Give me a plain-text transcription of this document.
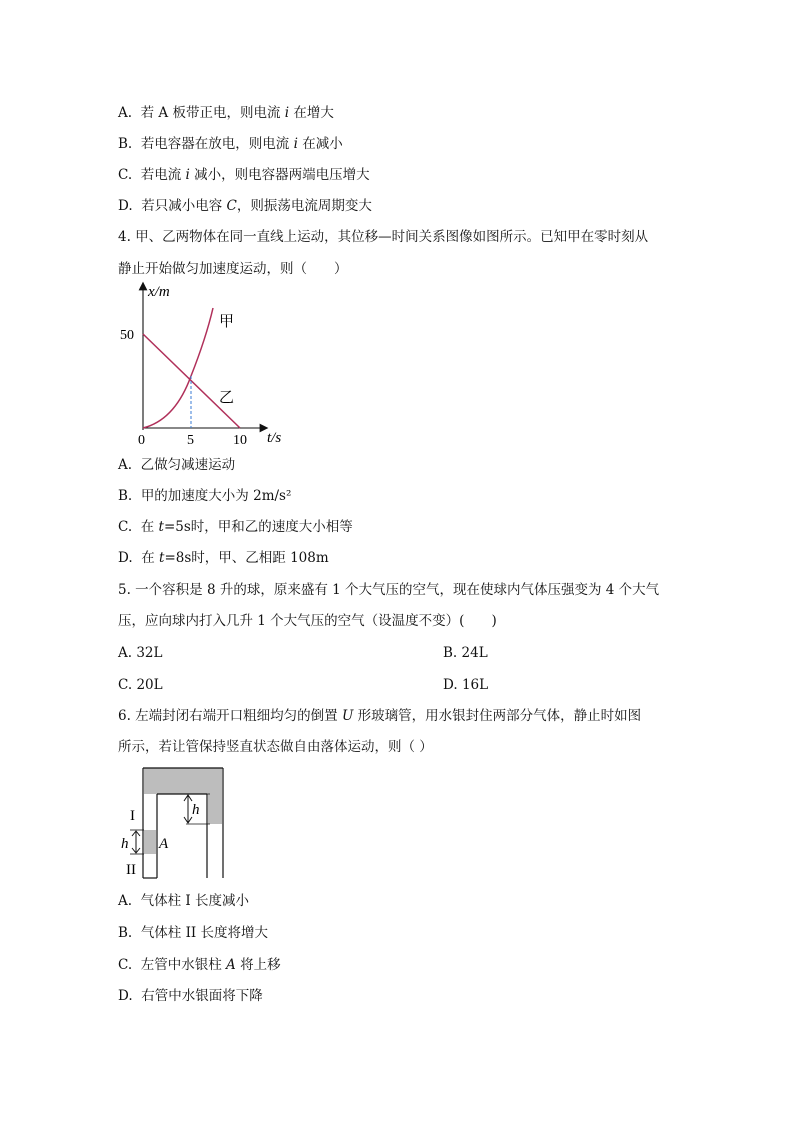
A. 若 A 板带正电，则电流 i 在增大
B. 若电容器在放电，则电流 i 在减小
C. 若电流 i 减小，则电容器两端电压增大
D. 若只减小电容 C，则振荡电流周期变大
4. 甲、乙两物体在同一直线上运动，其位移—时间关系图像如图所示。已知甲在零时刻从
静止开始做匀加速度运动，则（　　）
x/m
t/s
50
0	5	10
甲
乙
A. 乙做匀减速运动
B. 甲的加速度大小为 2m/s²
C. 在 t=5s时，甲和乙的速度大小相等
D. 在 t=8s时，甲、乙相距 108m
5. 一个容积是 8 升的球，原来盛有 1 个大气压的空气，现在使球内气体压强变为 4 个大气
压，应向球内打入几升 1 个大气压的空气（设温度不变）(　　)
A. 32L	B. 24L
C. 20L	D. 16L
6. 左端封闭右端开口粗细均匀的倒置 U 形玻璃管，用水银封住两部分气体，静止时如图
所示，若让管保持竖直状态做自由落体运动，则（ ）
h
h
I
II
A
A. 气体柱 I 长度减小
B. 气体柱 II 长度将增大
C. 左管中水银柱 A 将上移
D. 右管中水银面将下降
